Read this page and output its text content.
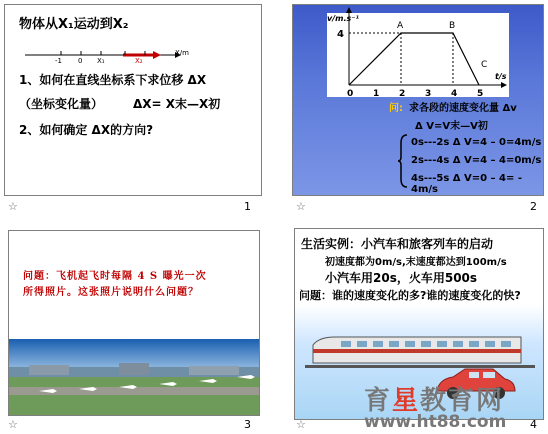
物体从X₁运动到X₂
-1 0 X₁	X₂
X/m
1、如何在直线坐标系下求位移 ΔX
（坐标变化量） ΔX= X末—X初
2、如何确定 ΔX的方向?
☆	1
0 1 2 3 4 5
4
v/m.s⁻¹
t/s
A	B
C
问: 求各段的速度变化量 Δv
Δ V=V末—V初
0s---2s Δ V=4 – 0=4m/s
2s---4s Δ V=4 – 4=0m/s
4s---5s Δ V=0 – 4= - 4m/s
☆	2
问题：飞机起飞时每隔 4 S 曝光一次
所得照片。这张照片说明什么问题？
☆	3
生活实例：小汽车和旅客列车的启动
初速度都为0m/s,末速度都达到100m/s
小汽车用20s，火车用500s
问题：谁的速度变化的多?谁的速度变化的快?
☆	4
育星教育网
www.ht88.com
